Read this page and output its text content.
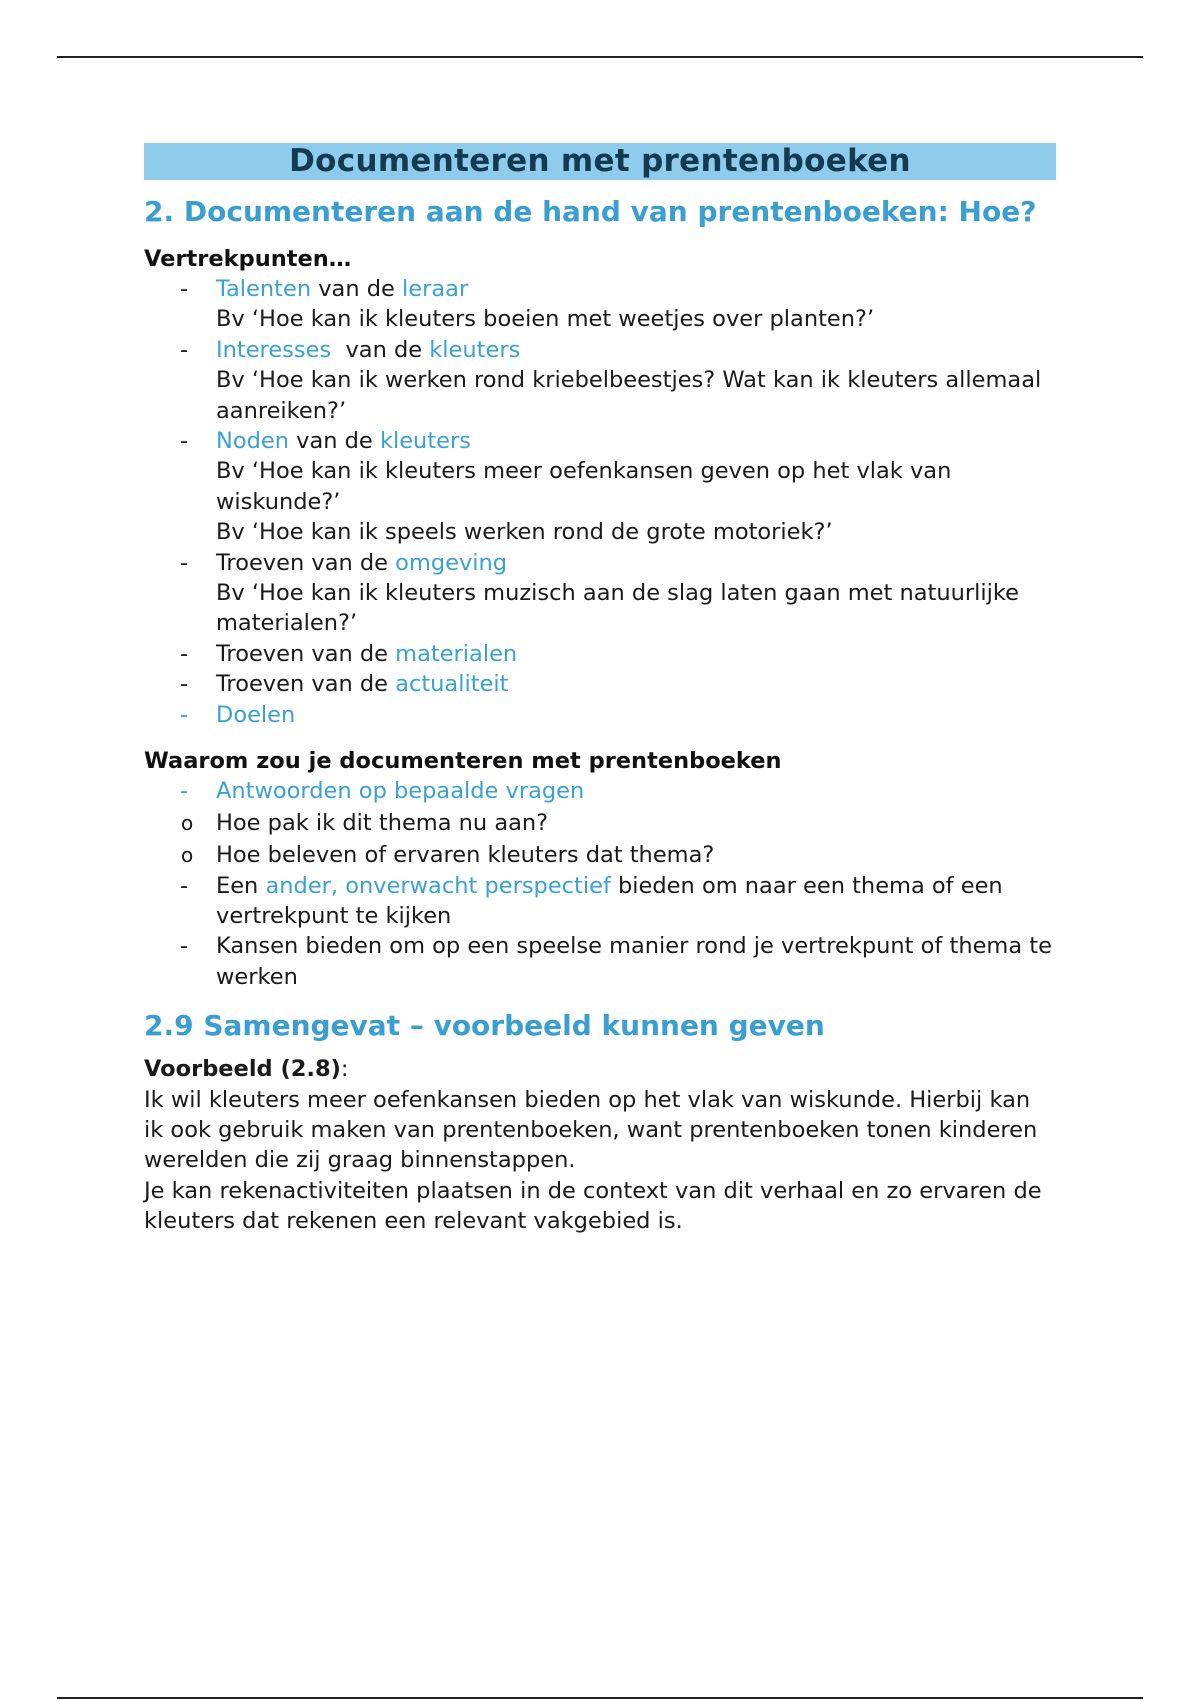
Documenteren met prentenboeken
2. Documenteren aan de hand van prentenboeken: Hoe?
Vertrekpunten…
- Talenten van de leraar
Bv ‘Hoe kan ik kleuters boeien met weetjes over planten?’
- Interesses  van de kleuters
Bv ‘Hoe kan ik werken rond kriebelbeestjes? Wat kan ik kleuters allemaal aanreiken?’
- Noden van de kleuters
Bv ‘Hoe kan ik kleuters meer oefenkansen geven op het vlak van wiskunde?’
Bv ‘Hoe kan ik speels werken rond de grote motoriek?’
- Troeven van de omgeving
Bv ‘Hoe kan ik kleuters muzisch aan de slag laten gaan met natuurlijke materialen?’
- Troeven van de materialen
- Troeven van de actualiteit
- Doelen
Waarom zou je documenteren met prentenboeken
- Antwoorden op bepaalde vragen
o Hoe pak ik dit thema nu aan?
o Hoe beleven of ervaren kleuters dat thema?
- Een ander, onverwacht perspectief bieden om naar een thema of een vertrekpunt te kijken
- Kansen bieden om op een speelse manier rond je vertrekpunt of thema te werken
2.9 Samengevat – voorbeeld kunnen geven
Voorbeeld (2.8):
Ik wil kleuters meer oefenkansen bieden op het vlak van wiskunde. Hierbij kan ik ook gebruik maken van prentenboeken, want prentenboeken tonen kinderen werelden die zij graag binnenstappen.
Je kan rekenactiviteiten plaatsen in de context van dit verhaal en zo ervaren de kleuters dat rekenen een relevant vakgebied is.
